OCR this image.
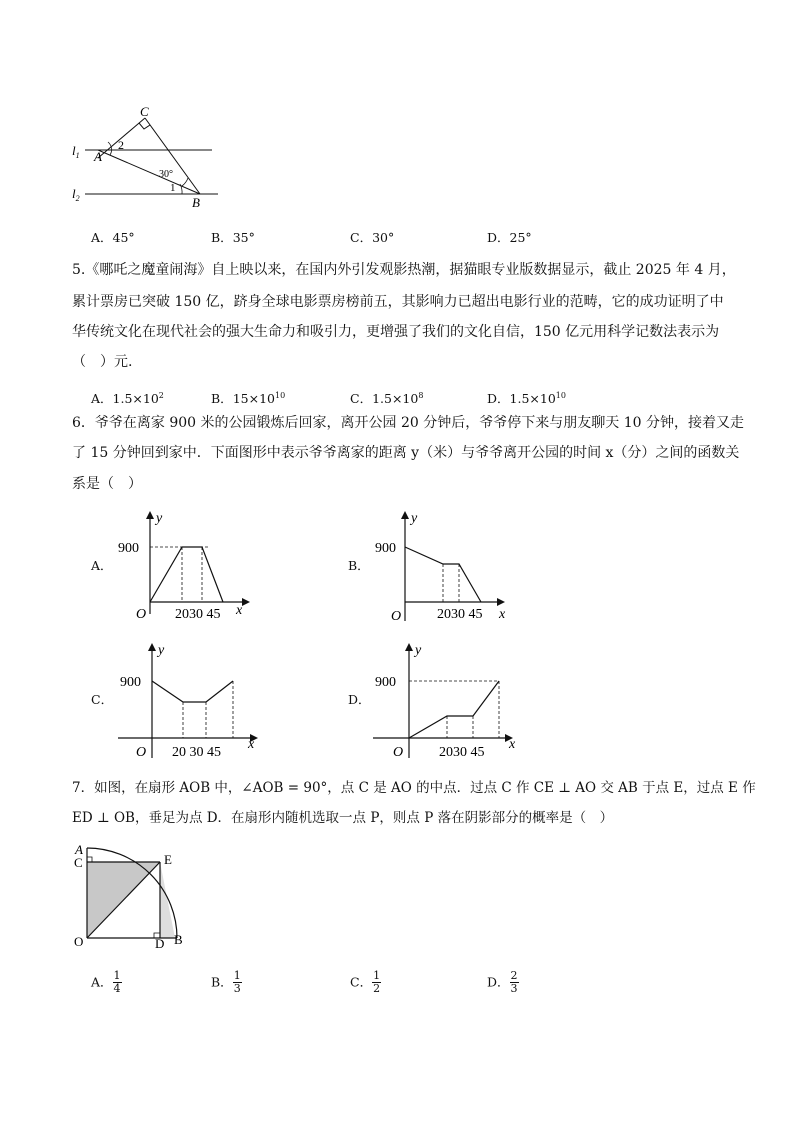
$l_1$
$l_2$
A
C
B
2
30°
1
A．45°	B．35°	C．30°	D．25°
5.《哪吒之魔童闹海》自上映以来，在国内外引发观影热潮，据猫眼专业版数据显示，截止 2025 年 4 月，
累计票房已突破 150 亿，跻身全球电影票房榜前五，其影响力已超出电影行业的范畴，它的成功证明了中
华传统文化在现代社会的强大生命力和吸引力，更增强了我们的文化自信，150 亿元用科学记数法表示为
（　）元.
A．$1.5\times 10^2$	B．$15\times 10^{10}$	C．$1.5\times 10^8$	D．$1.5\times 10^{10}$
6．爷爷在离家 900 米的公园锻炼后回家，离开公园 20 分钟后，爷爷停下来与朋友聊天 10 分钟，接着又走
了 15 分钟回到家中．下面图形中表示爷爷离家的距离 y（米）与爷爷离开公园的时间 x（分）之间的函数关
系是（　）
A．
900
2030 45
O	x
y
B．
900
2030 45
O	x
y
C．
900
20 30 45
O
x
y
D．
900
2030 45
O
x
y
7．如图，在扇形 AOB 中，∠AOB = 90°，点 C 是 AO 的中点．过点 C 作 CE ⊥ AO 交 AB 于点 E，过点 E 作
ED ⊥ OB，垂足为点 D．在扇形内随机选取一点 P，则点 P 落在阴影部分的概率是（　）
A
C	E
O	D B
A． $\frac{1}{4}$	B． $\frac{1}{3}$	C． $\frac{1}{2}$	D． $\frac{2}{3}$
